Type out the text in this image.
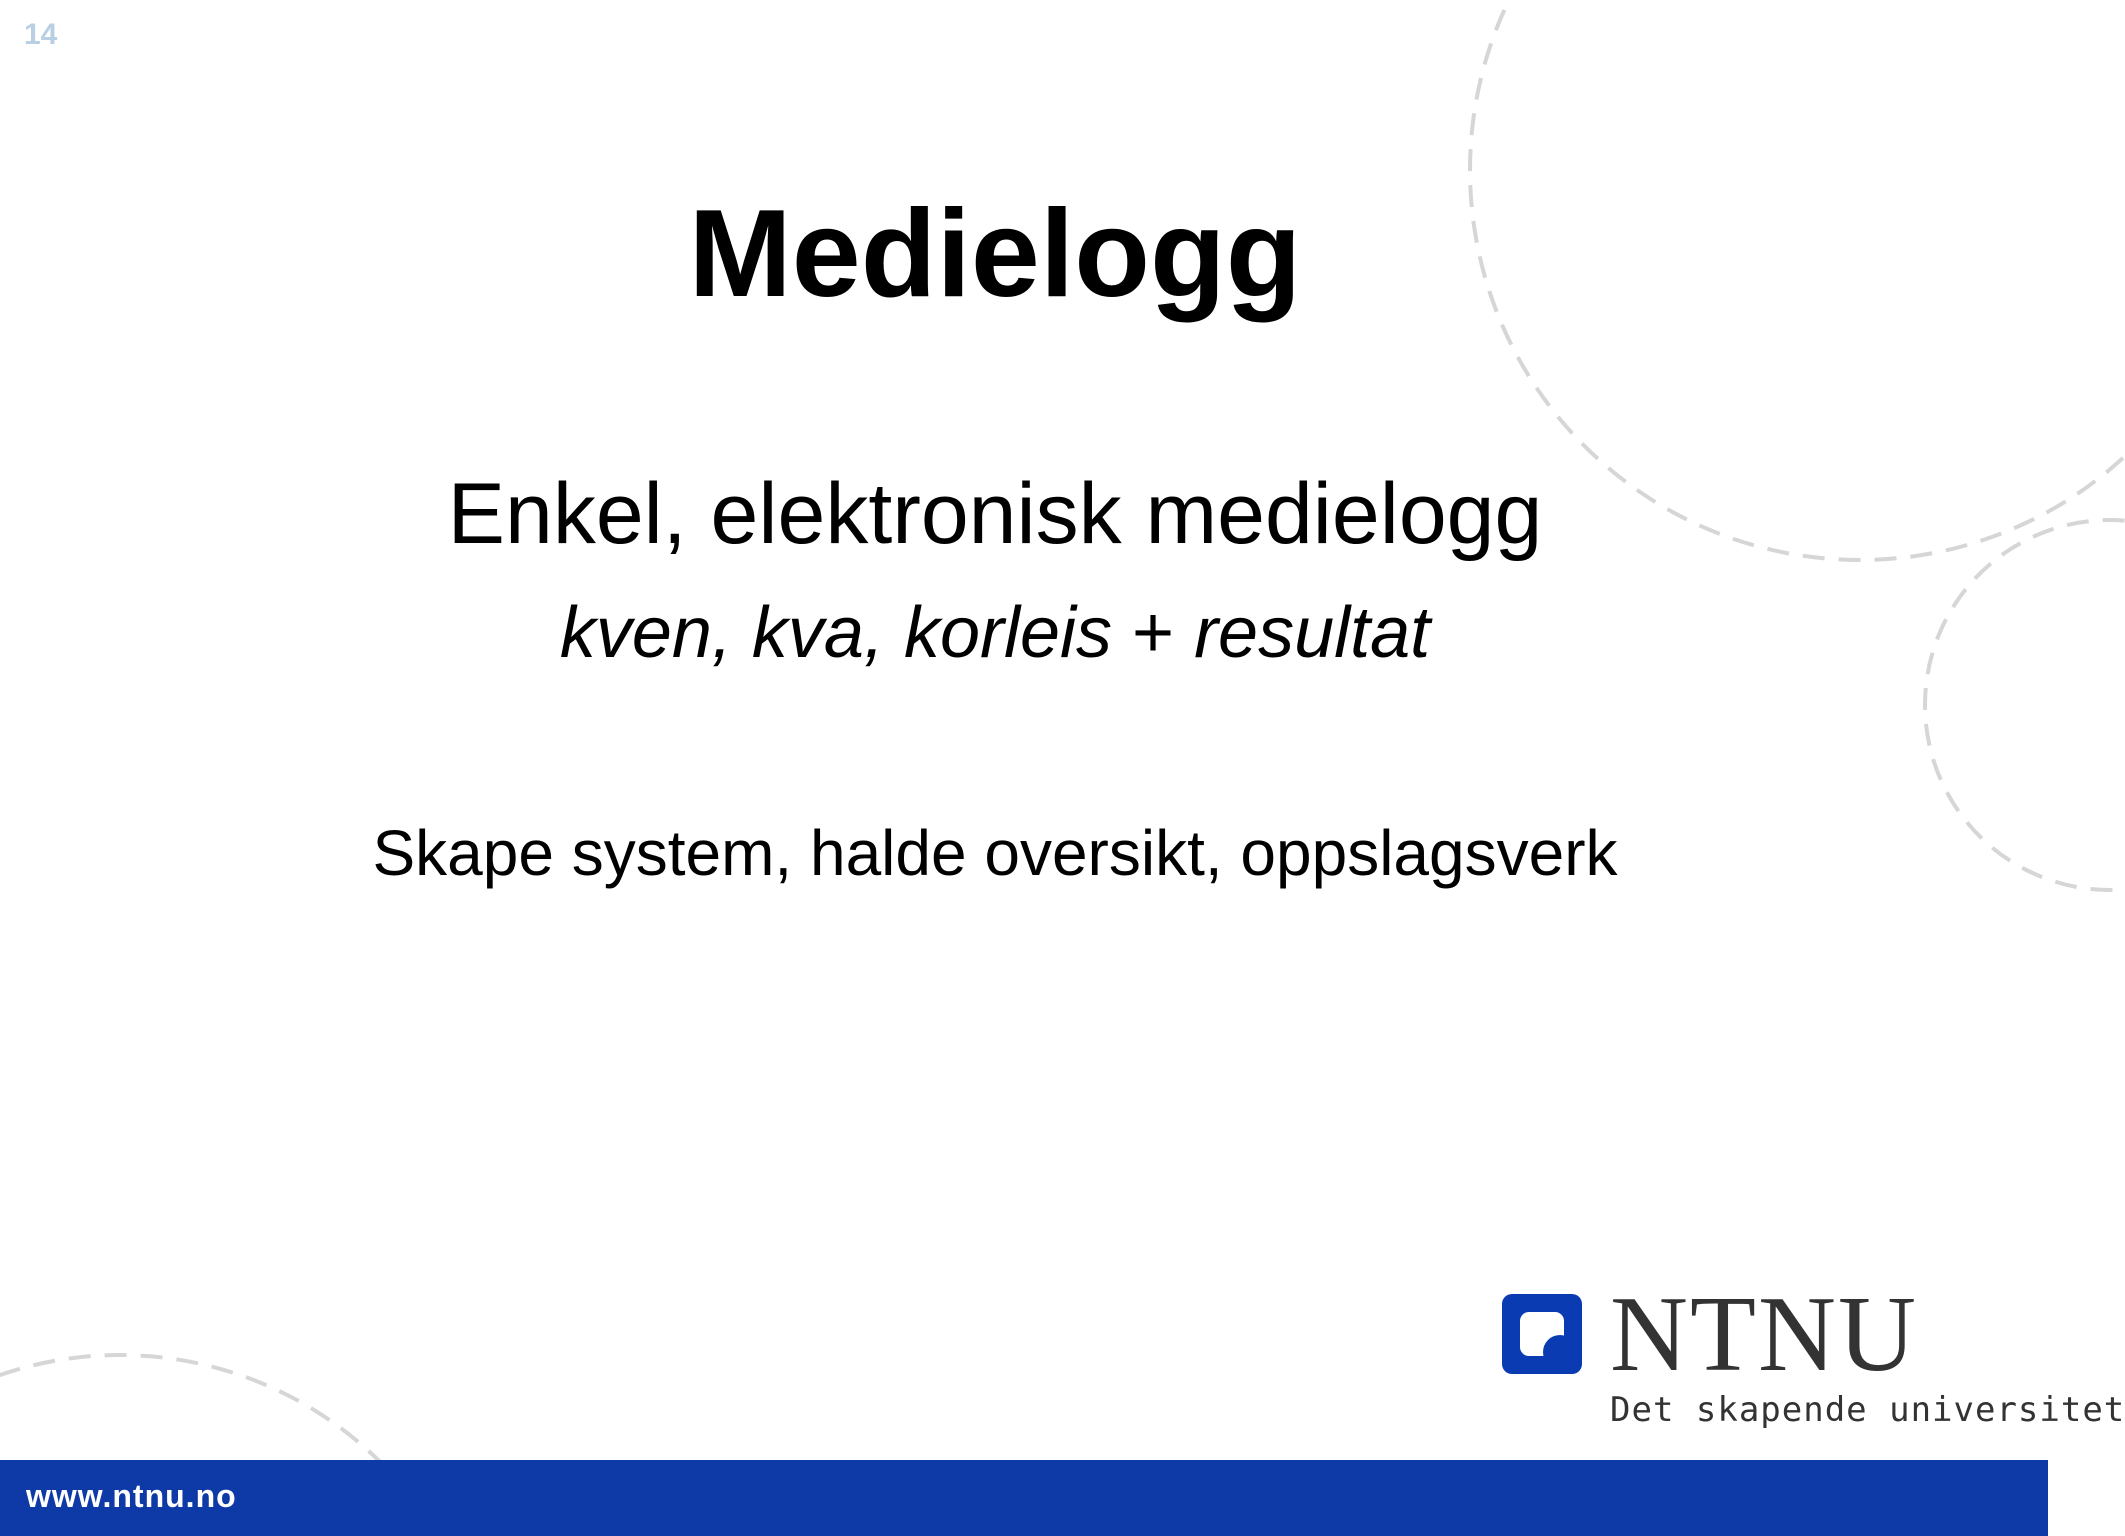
14
Medielogg
Enkel, elektronisk medielogg
kven, kva, korleis + resultat
Skape system, halde oversikt, oppslagsverk
NTNU
Det skapende universitet
www.ntnu.no
